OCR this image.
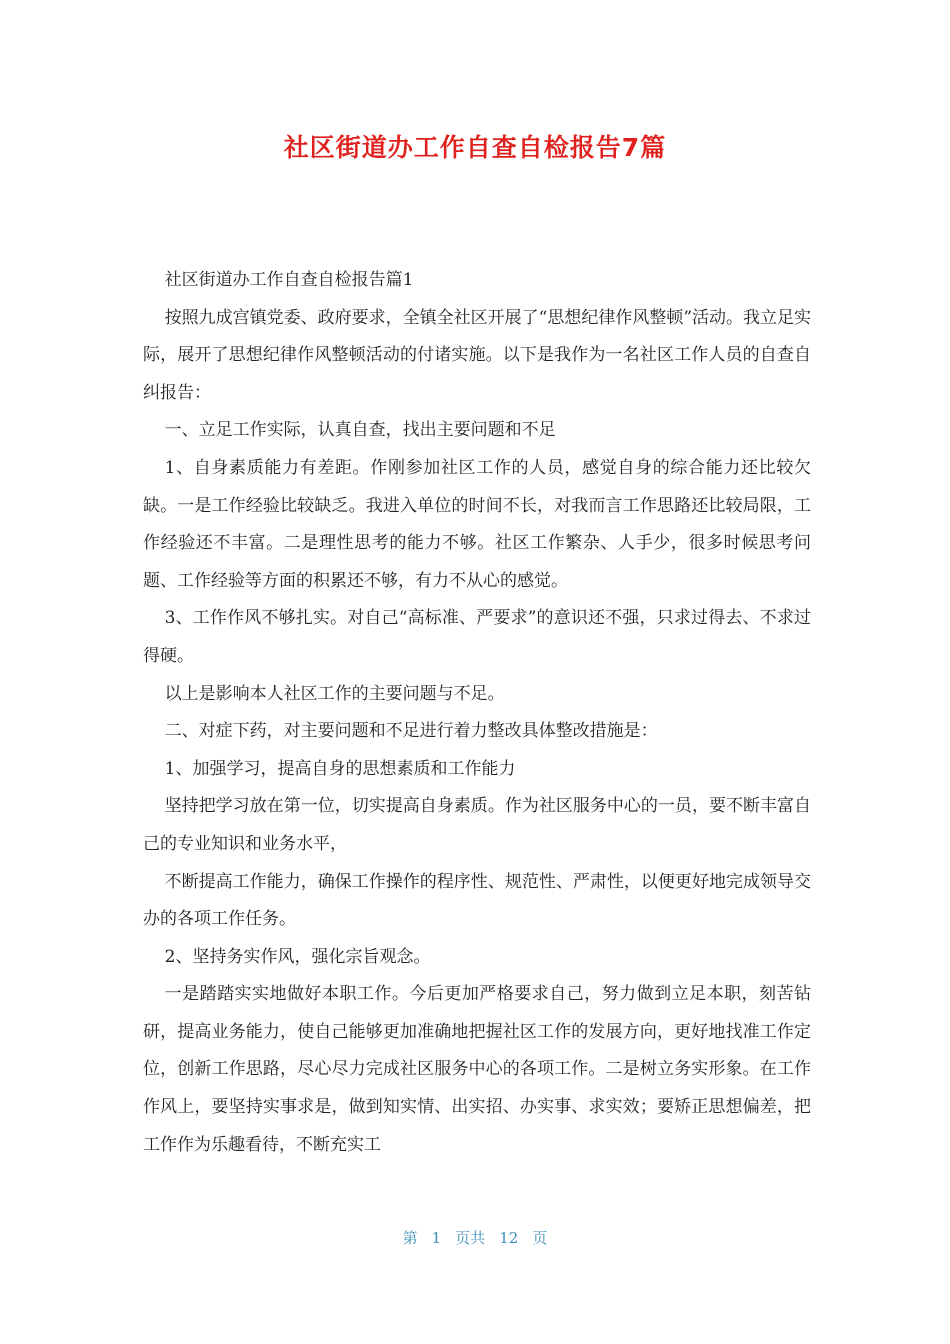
社区街道办工作自查自检报告7篇

社区街道办工作自查自检报告篇1

按照九成宫镇党委、政府要求，全镇全社区开展了“思想纪律作风整顿”活动。我立足实际，展开了思想纪律作风整顿活动的付诸实施。以下是我作为一名社区工作人员的自查自纠报告：

一、立足工作实际，认真自查，找出主要问题和不足

1、自身素质能力有差距。作刚参加社区工作的人员，感觉自身的综合能力还比较欠缺。一是工作经验比较缺乏。我进入单位的时间不长，对我而言工作思路还比较局限，工作经验还不丰富。二是理性思考的能力不够。社区工作繁杂、人手少，很多时候思考问题、工作经验等方面的积累还不够，有力不从心的感觉。

3、工作作风不够扎实。对自己“高标准、严要求”的意识还不强，只求过得去、不求过得硬。

以上是影响本人社区工作的主要问题与不足。

二、对症下药，对主要问题和不足进行着力整改具体整改措施是：

1、加强学习，提高自身的思想素质和工作能力

坚持把学习放在第一位，切实提高自身素质。作为社区服务中心的一员，要不断丰富自己的专业知识和业务水平，

不断提高工作能力，确保工作操作的程序性、规范性、严肃性，以便更好地完成领导交办的各项工作任务。

2、坚持务实作风，强化宗旨观念。

一是踏踏实实地做好本职工作。今后更加严格要求自己，努力做到立足本职，刻苦钻研，提高业务能力，使自己能够更加准确地把握社区工作的发展方向，更好地找准工作定位，创新工作思路，尽心尽力完成社区服务中心的各项工作。二是树立务实形象。在工作作风上，要坚持实事求是，做到知实情、出实招、办实事、求实效；要矫正思想偏差，把工作作为乐趣看待，不断充实工

第 1 页共 12 页
